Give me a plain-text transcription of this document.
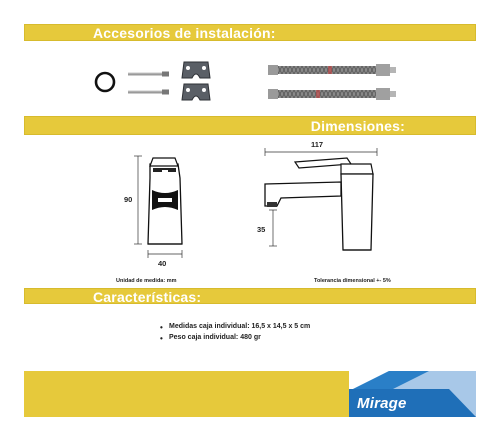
Accesorios de instalación:
Dimensiones:
90
40
117
35
Unidad de medida: mm	Tolerancia dimensional +- 5%
Características:
• Medidas caja individual: 16,5 x 14,5 x 5 cm
• Peso caja individual: 480 gr
Mirage
